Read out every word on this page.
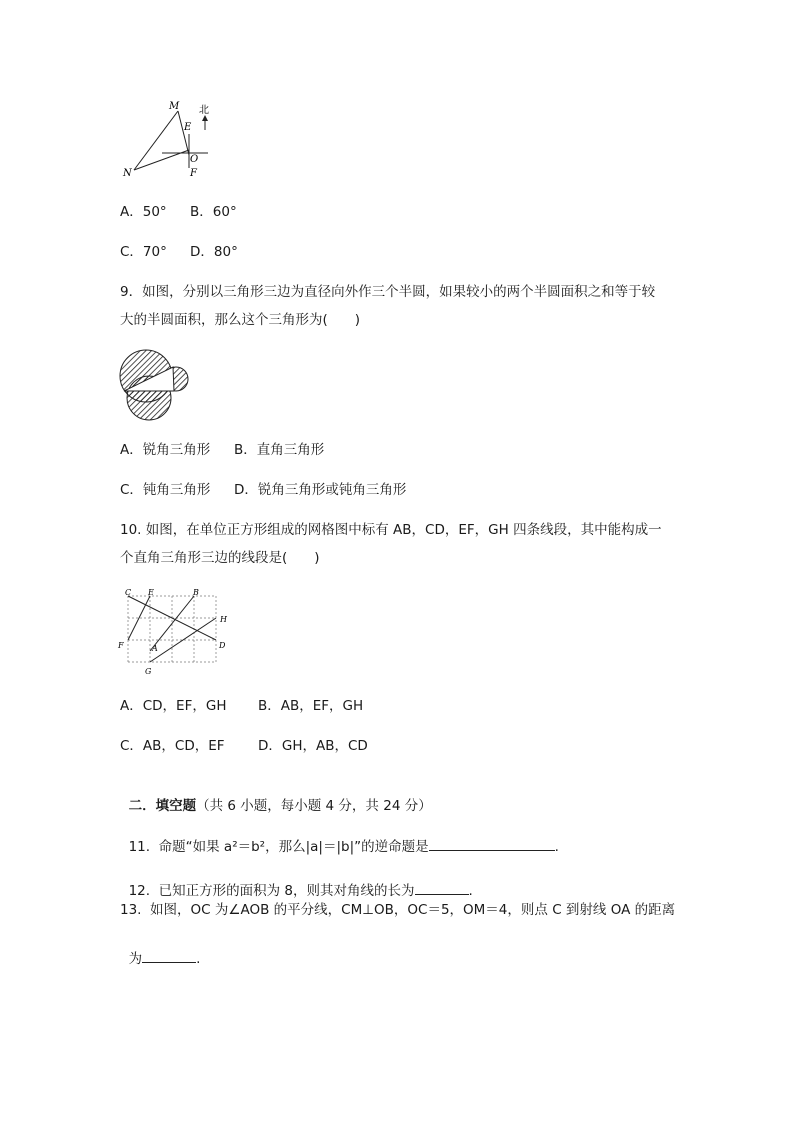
M
N
E
O
F
北
A．50° B．60°
C．70° D．80°
9．如图，分别以三角形三边为直径向外作三个半圆，如果较小的两个半圆面积之和等于较
大的半圆面积，那么这个三角形为(　　)
A．锐角三角形 B．直角三角形
C．钝角三角形 D．锐角三角形或钝角三角形
10. 如图，在单位正方形组成的网格图中标有 AB，CD，EF，GH 四条线段，其中能构成一
个直角三角形三边的线段是(　　)
C E	B
H
F	A	D
G
A．CD，EF，GH B．AB，EF，GH
C．AB，CD，EF D．GH，AB，CD

二．填空题（共 6 小题，每小题 4 分，共 24 分）

11.  命题“如果 a²＝b²，那么|a|＝|b|”的逆命题是	.

12.  已知正方形的面积为 8，则其对角线的长为	.

13.  如图，OC 为∠AOB 的平分线，CM⊥OB，OC＝5，OM＝4，则点 C 到射线 OA 的距离

为	.
